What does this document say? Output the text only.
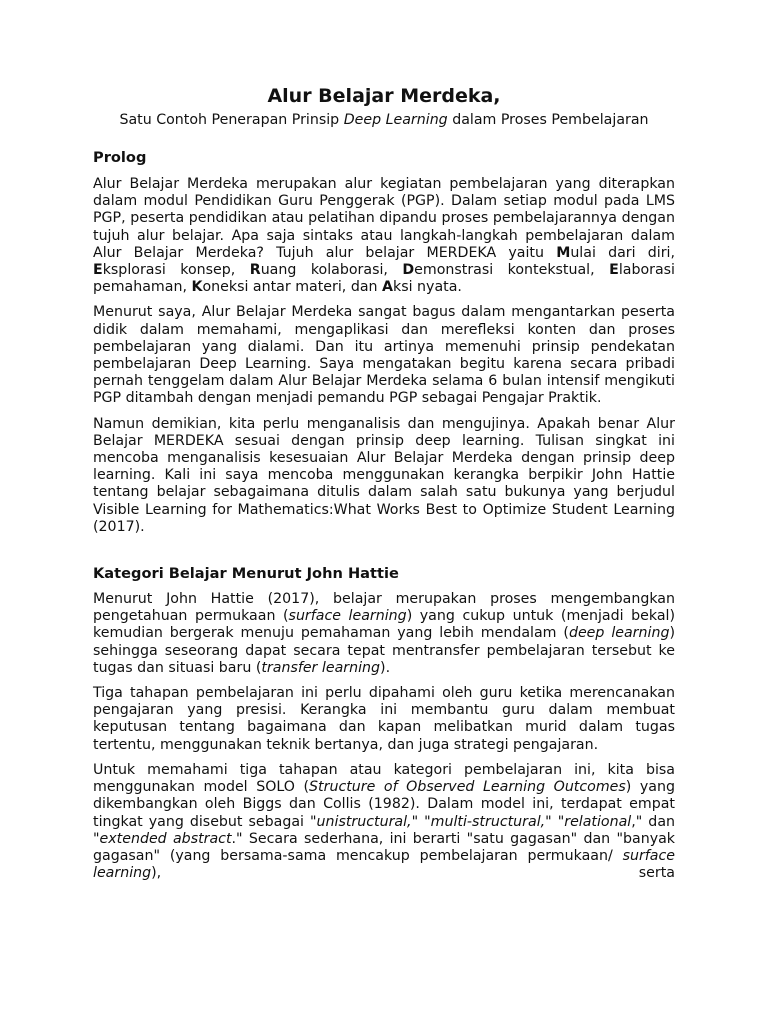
Alur Belajar Merdeka,
Satu Contoh Penerapan Prinsip Deep Learning dalam Proses Pembelajaran
Prolog

Alur Belajar Merdeka merupakan alur kegiatan pembelajaran yang diterapkan dalam modul Pendidikan Guru Penggerak (PGP). Dalam setiap modul pada LMS PGP, peserta pendidikan atau pelatihan dipandu proses pembelajarannya dengan tujuh alur belajar. Apa saja sintaks atau langkah-langkah pembelajaran dalam Alur Belajar Merdeka? Tujuh alur belajar MERDEKA yaitu Mulai dari diri, Eksplorasi konsep, Ruang kolaborasi, Demonstrasi kontekstual, Elaborasi pemahaman, Koneksi antar materi, dan Aksi nyata.

Menurut saya, Alur Belajar Merdeka sangat bagus dalam mengantarkan peserta didik dalam memahami, mengaplikasi dan merefleksi konten dan proses pembelajaran yang dialami. Dan itu artinya memenuhi prinsip pendekatan pembelajaran Deep Learning. Saya mengatakan begitu karena secara pribadi pernah tenggelam dalam Alur Belajar Merdeka selama 6 bulan intensif mengikuti PGP ditambah dengan menjadi pemandu PGP sebagai Pengajar Praktik.

Namun demikian, kita perlu menganalisis dan mengujinya. Apakah benar Alur Belajar MERDEKA sesuai dengan prinsip deep learning. Tulisan singkat ini mencoba menganalisis kesesuaian Alur Belajar Merdeka dengan prinsip deep learning. Kali ini saya mencoba menggunakan kerangka berpikir John Hattie tentang belajar sebagaimana ditulis dalam salah satu bukunya yang berjudul Visible Learning for Mathematics:What Works Best to Optimize Student Learning (2017).

Kategori Belajar Menurut John Hattie

Menurut John Hattie (2017), belajar merupakan proses mengembangkan pengetahuan permukaan (surface learning) yang cukup untuk (menjadi bekal) kemudian bergerak menuju pemahaman yang lebih mendalam (deep learning) sehingga seseorang dapat secara tepat mentransfer pembelajaran tersebut ke tugas dan situasi baru (transfer learning).

Tiga tahapan pembelajaran ini perlu dipahami oleh guru ketika merencanakan pengajaran yang presisi. Kerangka ini membantu guru dalam membuat keputusan tentang bagaimana dan kapan melibatkan murid dalam tugas tertentu, menggunakan teknik bertanya, dan juga strategi pengajaran.

Untuk memahami tiga tahapan atau kategori pembelajaran ini, kita bisa menggunakan model SOLO (Structure of Observed Learning Outcomes) yang dikembangkan oleh Biggs dan Collis (1982). Dalam model ini, terdapat empat tingkat yang disebut sebagai "unistructural," "multi-structural," "relational," dan "extended abstract." Secara sederhana, ini berarti "satu gagasan" dan "banyak gagasan" (yang bersama-sama mencakup pembelajaran permukaan/ surface learning), serta
